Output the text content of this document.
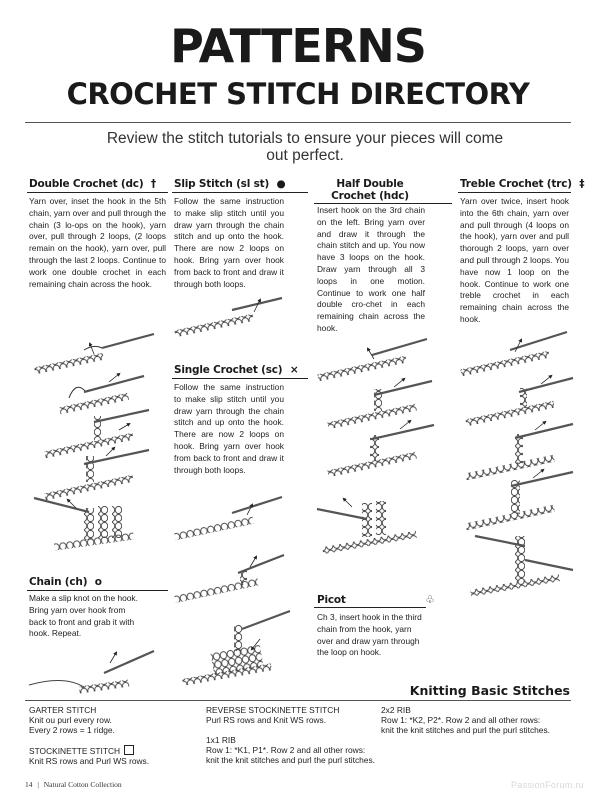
PATTERNS
CROCHET STITCH DIRECTORY
Review the stitch tutorials to ensure your pieces will come out perfect.
Double Crochet (dc) †
Yarn over, inset the hook in the 5th chain, yarn over and pull through the chain (3 lo-ops on the hook), yarn over, pull through 2 loops, (2 loops remain on the hook), yarn over, pull through the last 2 loops. Continue to work one double crochet in each remaining chain across the hook.
Chain (ch) o
Make a slip knot on the hook. Bring yarn over hook from back to front and grab it with hook. Repeat.
Slip Stitch (sl st) ●
Follow the same instruction to make slip stitch until you draw yarn through the chain stitch and up onto the hook. There are now 2 loops on hook. Bring yarn over hook from back to front and draw it through both loops.
Single Crochet (sc) ×
Follow the same instruction to make slip stitch until you draw yarn through the chain stitch and up onto the hook. There are now 2 loops on hook. Bring yarn over hook from back to front and draw it through both loops.
Half Double Crochet (hdc)
Insert hook on the 3rd chain on the left. Bring yarn over and draw it through the chain stitch and up. You now have 3 loops on the hook. Draw yarn through all 3 loops in one motion. Continue to work one half double cro-chet in each remaining chain across the hook.
Picot	♧
Ch 3, insert hook in the third chain from the hook, yarn over and draw yarn through the loop on hook.
Treble Crochet (trc) ‡
Yarn over twice, insert hook into the 6th chain, yarn over and pull through (4 loops on the hook), yarn over and pull thorough 2 loops, yarn over and pull through 2 loops. You have now 1 loop on the hook. Continue to work one treble crochet in each remaining chain across the hook.
Knitting Basic Stitches
GARTER STITCH
Knit ou purl every row.
Every 2 rows = 1 ridge.
STOCKINETTE STITCH
Knit RS rows and Purl WS rows.
REVERSE STOCKINETTE STITCH
Purl RS rows and Knit WS rows.
1x1 RIB
Row 1: *K1, P1*. Row 2 and all other rows:
knit the knit stitches and purl the purl stitches.
2x2 RIB
Row 1: *K2, P2*. Row 2 and all other rows:
knit the knit stitches and purl the purl stitches.
14 | Natural Cotton Collection	PassionForum.ru
